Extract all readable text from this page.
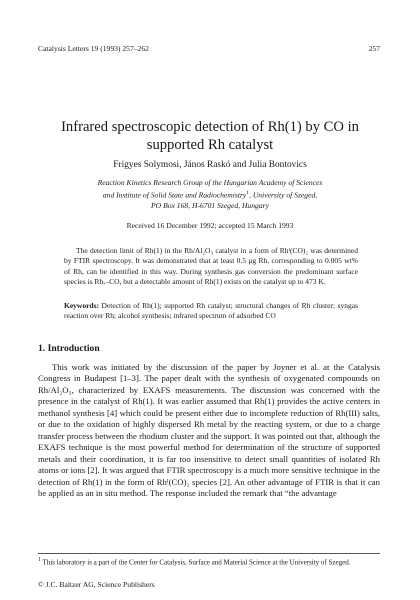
Catalysis Letters 19 (1993) 257–262	257
Infrared spectroscopic detection of Rh(1) by CO in
supported Rh catalyst
Frigyes Solymosi, János Raskó and Julia Bontovics
Reaction Kinetics Research Group of the Hungarian Academy of Sciences
and Institute of Solid State and Radiochemistry$^1$, University of Szeged,
PO Box 168, H-6701 Szeged, Hungary
Received 16 December 1992; accepted 15 March 1993
The detection limit of Rh(1) in the Rh/Al₂O₃ catalyst in a form of Rhᴵ(CO)₂ was determined by FTIR spectroscopy. It was demonstrated that at least 0.5 μg Rh, corresponding to 0.005 wt% of Rh, can be identified in this way. During synthesis gas conversion the predominant surface species is Rhₓ–CO, but a detectable amount of Rh(1) exists on the catalyst up to 473 K.
Keywords: Detection of Rh(1); supported Rh catalyst; structural changes of Rh cluster; syngas reaction over Rh; alcohol synthesis; infrared spectrum of adsorbed CO
1. Introduction
This work was initiated by the discussion of the paper by Joyner et al. at the Catalysis Congress in Budapest [1–3]. The paper dealt with the synthesis of oxygenated compounds on Rh/Al₂O₃, characterized by EXAFS measurements. The discussion was concerned with the presence in the catalyst of Rh(1). It was earlier assumed that Rh(1) provides the active centers in methanol synthesis [4] which could be present either due to incomplete reduction of Rh(III) salts, or due to the oxidation of highly dispersed Rh metal by the reacting system, or due to a charge transfer process between the rhodium cluster and the support. It was pointed out that, although the EXAFS technique is the most powerful method for determination of the structure of supported metals and their coordination, it is far too insensitive to detect small quantities of isolated Rh atoms or ions [2]. It was argued that FTIR spectroscopy is a much more sensitive technique in the detection of Rh(1) in the form of Rhᴵ(CO)₂ species [2]. An other advantage of FTIR is that it can be applied as an in situ method. The response included the remark that “the advantage
$^1$ This laboratory is a part of the Center for Catalysis, Surface and Material Science at the University of Szeged.
© J.C. Baltzer AG, Science Publishers
